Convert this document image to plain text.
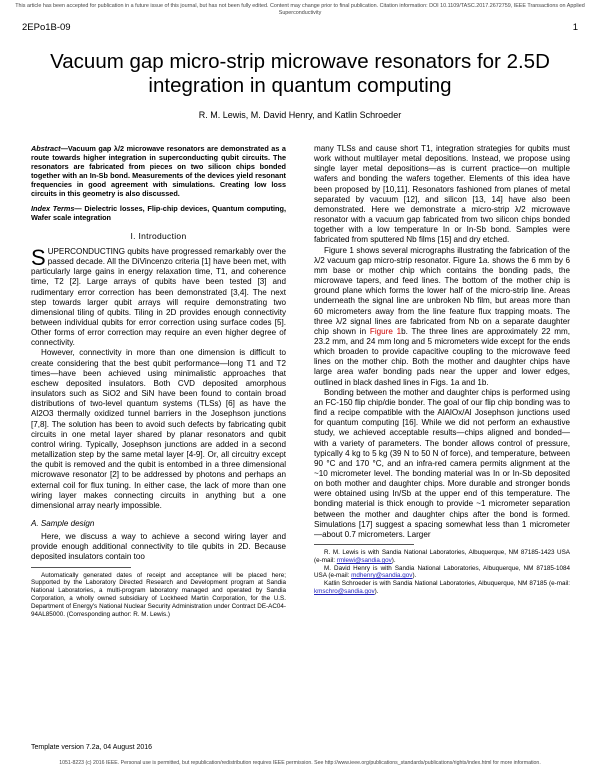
This article has been accepted for publication in a future issue of this journal, but has not been fully edited. Content may change prior to final publication. Citation information: DOI 10.1109/TASC.2017.2672759, IEEE Transactions on Applied Superconductivity
2EPo1B-09	1
Vacuum gap micro-strip microwave resonators for 2.5D integration in quantum computing
R. M. Lewis, M. David Henry, and Katlin Schroeder

Abstract—Vacuum gap λ/2 microwave resonators are demonstrated as a route towards higher integration in superconducting qubit circuits. The resonators are fabricated from pieces on two silicon chips bonded together with an In-Sb bond. Measurements of the devices yield resonant frequencies in good agreement with simulations. Creating low loss circuits in this geometry is also discussed.

Index Terms— Dielectric losses, Flip-chip devices, Quantum computing, Wafer scale integration

I. Introduction

SUPERCONDUCTING qubits have progressed remarkably over the passed decade. All the DiVincenzo criteria [1] have been met, with particularly large gains in energy relaxation time, T1, and coherence time, T2 [2]. Large arrays of qubits have been tested [3] and rudimentary error correction has been demonstrated [3,4]. The next step towards larger qubit arrays will require demonstrating two dimensional tiling of qubits. Tiling in 2D provides enough connectivity between individual qubits for error correction using surface codes [5]. Other forms of error correction may require an even higher degree of connectivity.

However, connectivity in more than one dimension is difficult to create considering that the best qubit performance—long T1 and T2 times—have been achieved using minimalistic approaches that eschew deposited insulators. Both CVD deposited amorphous insulators such as SiO2 and SiN have been found to contain broad distributions of two-level quantum systems (TLSs) [6] as have the Al2O3 thermally oxidized tunnel barriers in the Josephson junctions [7,8]. The solution has been to avoid such defects by fabricating qubit circuits in one metal layer shared by planar resonators and qubit control wiring. Typically, Josephson junctions are added in a second metallization step by the same metal layer [4-9]. Or, all circuitry except the qubit is removed and the qubit is entombed in a three dimensional microwave resonator [2] to be addressed by photons and perhaps an external coil for flux tuning. In either case, the lack of more than one wiring layer makes connecting circuits in anything but a one dimensional array nearly impossible.

A. Sample design

Here, we discuss a way to achieve a second wiring layer and provide enough additional connectivity to tile qubits in 2D. Because deposited insulators contain too

Automatically generated dates of receipt and acceptance will be placed here; Supported by the Laboratory Directed Research and Development program at Sandia National Laboratories, a multi-program laboratory managed and operated by Sandia Corporation, a wholly owned subsidiary of Lockheed Martin Corporation, for the U.S. Department of Energy's National Nuclear Security Administration under Contract DE-AC04-94AL85000. (Corresponding author: R. M. Lewis.)

many TLSs and cause short T1, integration strategies for qubits must work without multilayer metal depositions. Instead, we propose using single layer metal depositions—as is current practice—on multiple wafers and bonding the wafers together. Elements of this idea have been proposed by [10,11]. Resonators fashioned from planes of metal separated by vacuum [12], and silicon [13, 14] have also been demonstrated. Here we demonstrate a micro-strip λ/2 microwave resonator with a vacuum gap fabricated from two silicon chips bonded together with a low temperature In or In-Sb bond. Samples were fabricated from sputtered Nb films [15] and dry etched.

Figure 1 shows several micrographs illustrating the fabrication of the λ/2 vacuum gap micro-strip resonator. Figure 1a. shows the 6 mm by 6 mm base or mother chip which contains the bonding pads, the microwave tapers, and feed lines. The bottom of the mother chip is ground plane which forms the lower half of the micro-strip line. Areas underneath the signal line are unbroken Nb film, but areas more than 60 micrometers away from the line feature flux trapping moats. The three λ/2 signal lines are fabricated from Nb on a separate daughter chip shown in Figure 1b. The three lines are approximately 22 mm, 23.2 mm, and 24 mm long and 5 micrometers wide except for the ends which broaden to provide capacitive coupling to the microwave feed lines on the mother chip. Both the mother and daughter chips have large area wafer bonding pads near the upper and lower edges, outlined in black dashed lines in Figs. 1a and 1b.

Bonding between the mother and daughter chips is performed using an FC-150 flip chip/die bonder. The goal of our flip chip bonding was to find a recipe compatible with the AlAlOx/Al Josephson junctions used for quantum computing [16]. While we did not perform an exhaustive study, we achieved acceptable results—chips aligned and bonded—with a variety of parameters. The bonder allows control of pressure, typically 4 kg to 5 kg (39 N to 50 N of force), and temperature, between 90 °C and 170 °C, and an infra-red camera permits alignment at the ~10 micrometer level. The bonding material was In or In-Sb deposited on both mother and daughter chips. More durable and stronger bonds were obtained using In/Sb at the upper end of this temperature. The bonding material is thick enough to provide ~1 micrometer separation between the mother and daughter chips after the bond is formed. Simulations [17] suggest a spacing somewhat less than 1 micrometer—about 0.7 micrometers. Larger

R. M. Lewis is with Sandia National Laboratories, Albuquerque, NM 87185-1423 USA (e-mail: rmlewi@sandia.gov).

M. David Henry is with Sandia National Laboratories, Albuquerque, NM 87185-1084 USA (e-mail: mdhenry@sandia.gov).

Katlin Schroeder is with Sandia National Laboratories, Albuquerque, NM 87185 (e-mail: kmschro@sandia.gov).

Template version 7.2a, 04 August 2016
1051-8223 (c) 2016 IEEE. Personal use is permitted, but republication/redistribution requires IEEE permission. See http://www.ieee.org/publications_standards/publications/rights/index.html for more information.
